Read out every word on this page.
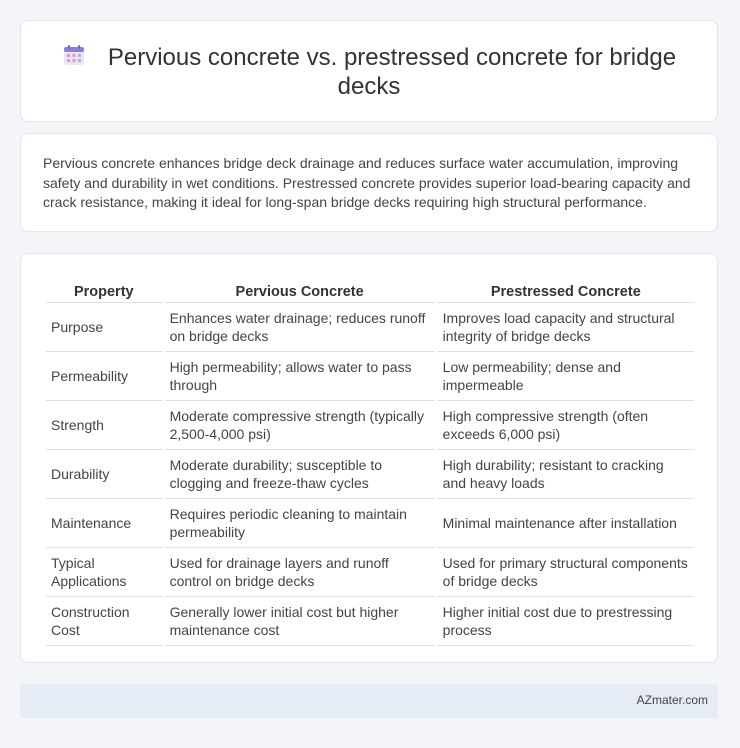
Pervious concrete vs. prestressed concrete for bridge decks
Pervious concrete enhances bridge deck drainage and reduces surface water accumulation, improving safety and durability in wet conditions. Prestressed concrete provides superior load-bearing capacity and crack resistance, making it ideal for long-span bridge decks requiring high structural performance.
Property	Pervious Concrete	Prestressed Concrete
Purpose	Enhances water drainage; reduces runoff on bridge decks	Improves load capacity and structural integrity of bridge decks
Permeability	High permeability; allows water to pass through	Low permeability; dense and impermeable
Strength	Moderate compressive strength (typically 2,500-4,000 psi)	High compressive strength (often exceeds 6,000 psi)
Durability	Moderate durability; susceptible to clogging and freeze-thaw cycles	High durability; resistant to cracking and heavy loads
Maintenance	Requires periodic cleaning to maintain permeability	Minimal maintenance after installation
Typical Applications	Used for drainage layers and runoff control on bridge decks	Used for primary structural components of bridge decks
Construction Cost	Generally lower initial cost but higher maintenance cost	Higher initial cost due to prestressing process
AZmater.com
